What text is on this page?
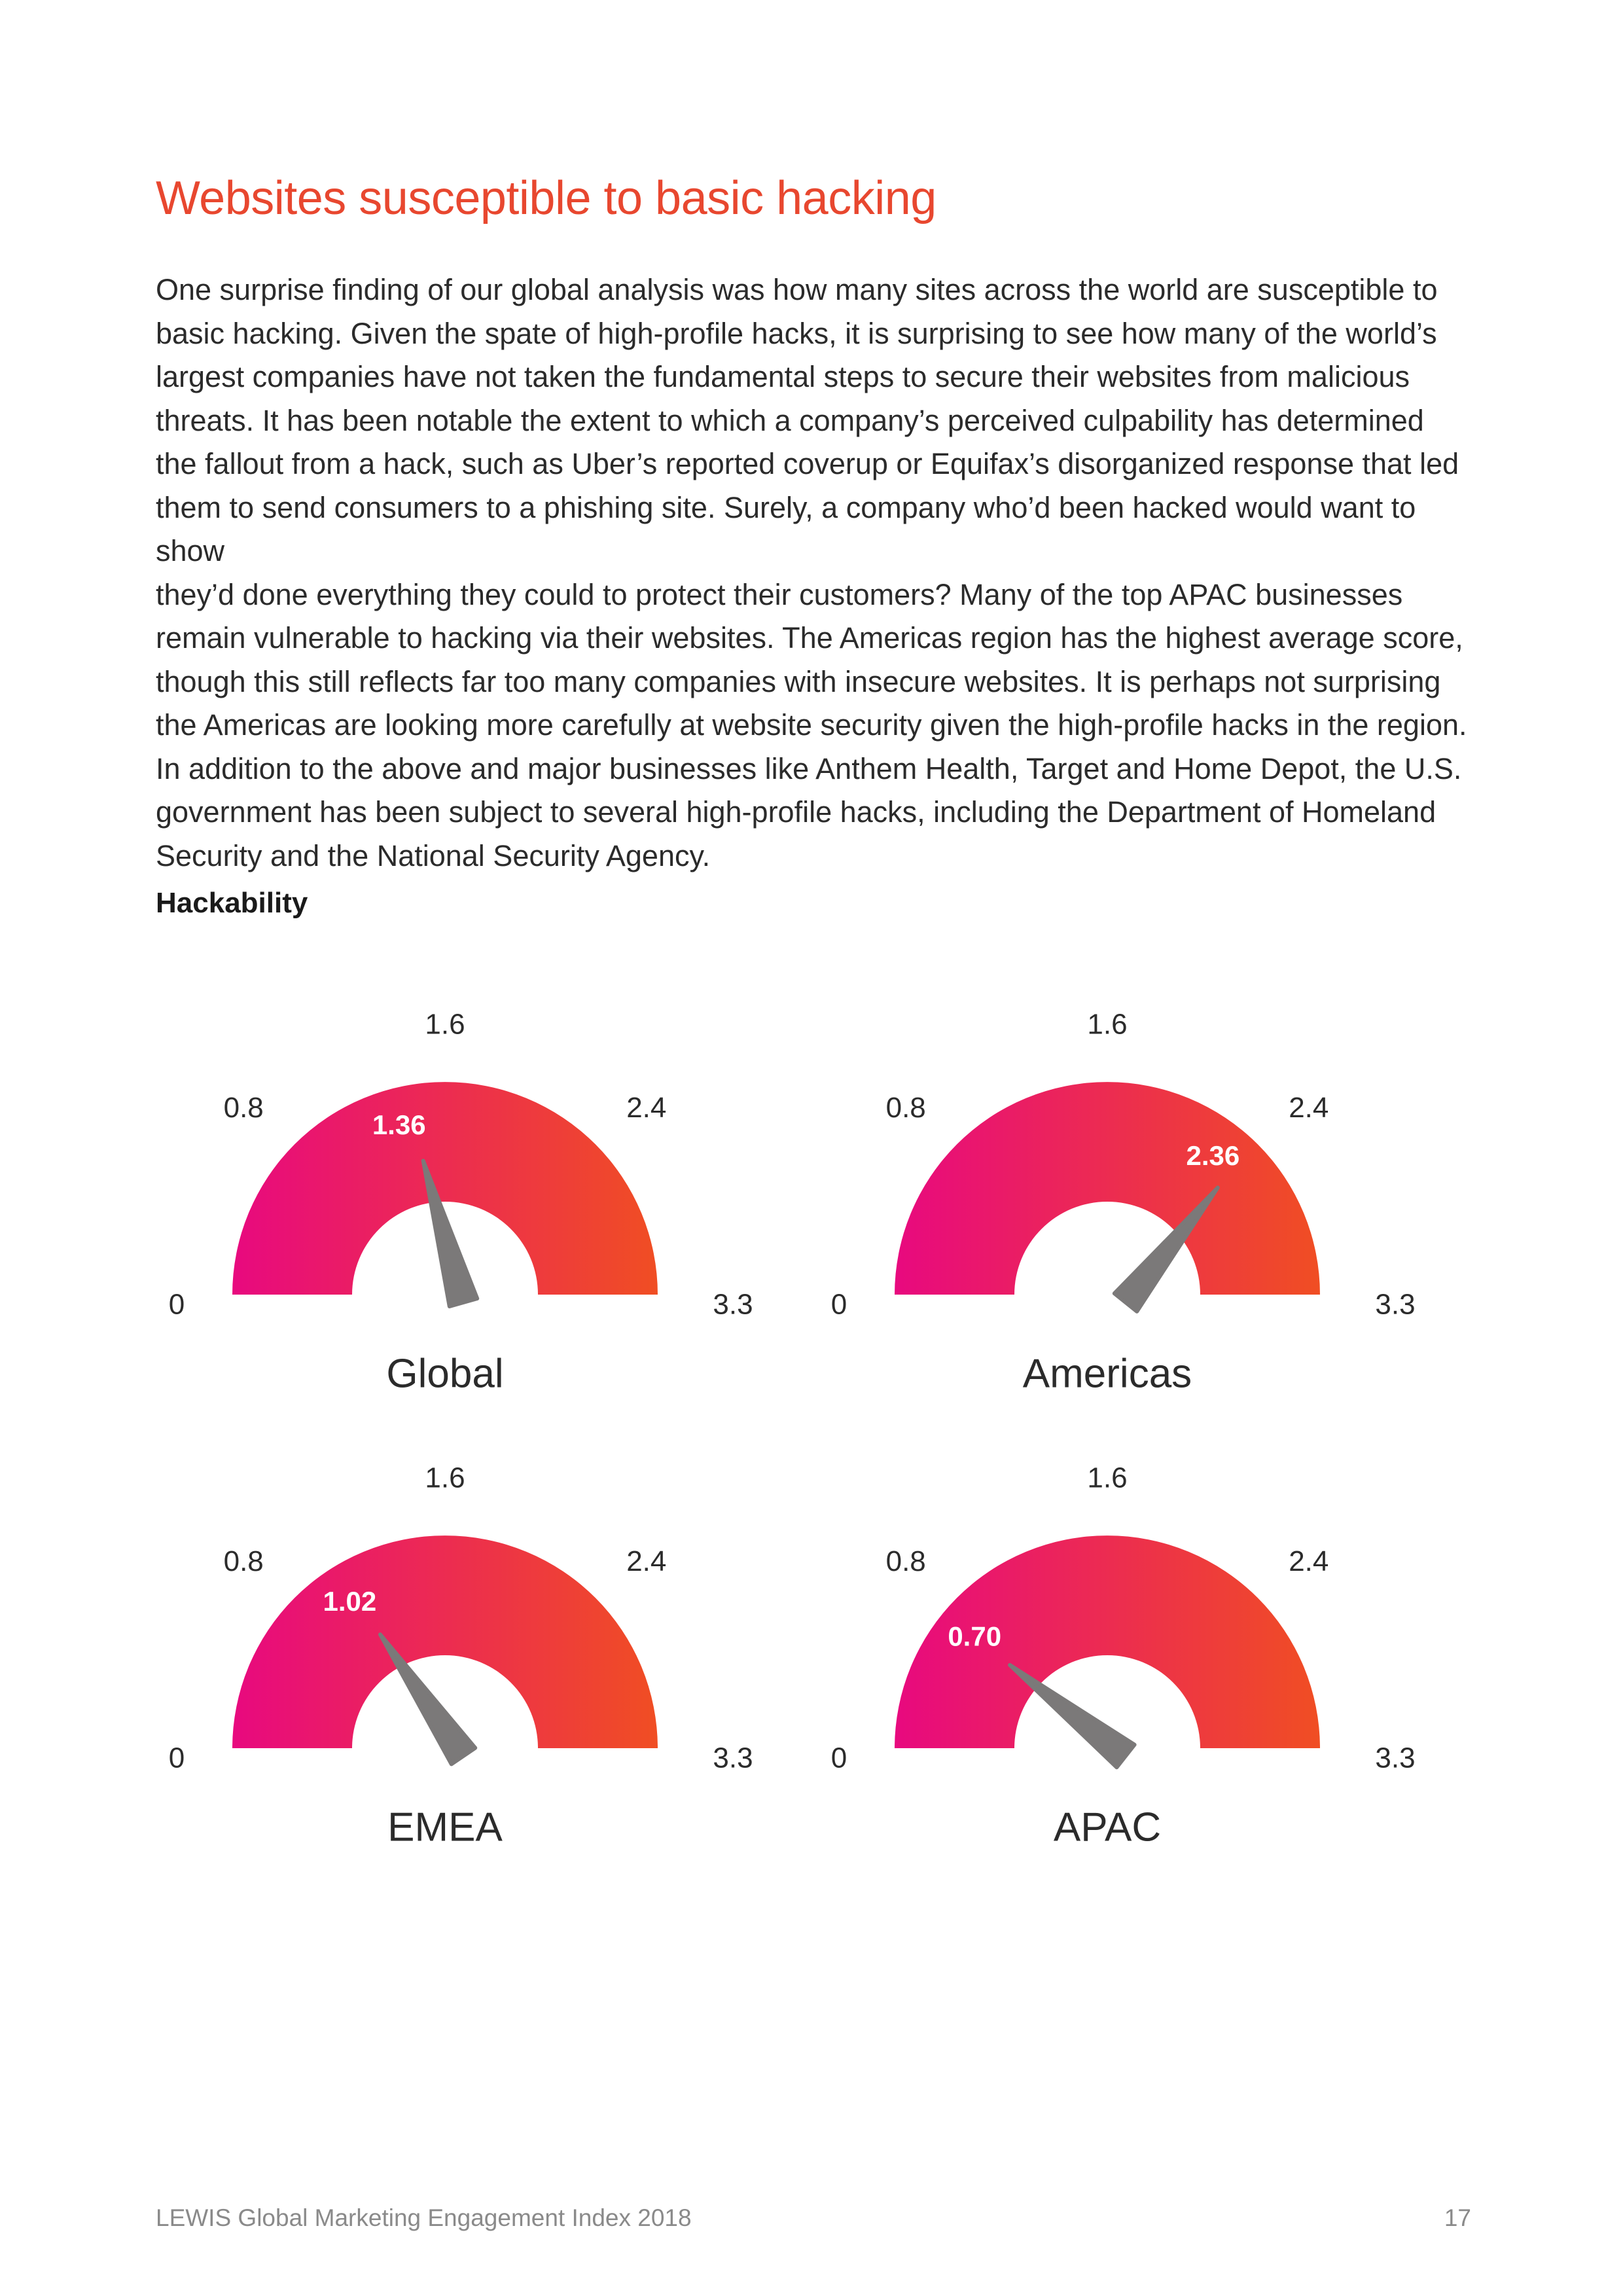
Websites susceptible to basic hacking

One surprise finding of our global analysis was how many sites across the world are susceptible to
basic hacking. Given the spate of high-profile hacks, it is surprising to see how many of the world’s
largest companies have not taken the fundamental steps to secure their websites from malicious
threats. It has been notable the extent to which a company’s perceived culpability has determined
the fallout from a hack, such as Uber’s reported coverup or Equifax’s disorganized response that led
them to send consumers to a phishing site. Surely, a company who’d been hacked would want to show
they’d done everything they could to protect their customers? Many of the top APAC businesses
remain vulnerable to hacking via their websites. The Americas region has the highest average score,
though this still reflects far too many companies with insecure websites. It is perhaps not surprising
the Americas are looking more carefully at website security given the high-profile hacks in the region.
In addition to the above and major businesses like Anthem Health, Target and Home Depot, the U.S.
government has been subject to several high-profile hacks, including the Department of Homeland
Security and the National Security Agency.

Hackability
0
0.8
1.6
2.4
3.3
1.36
Global
0
0.8
1.6
2.4
3.3
2.36
Americas
0
0.8
1.6
2.4
3.3
1.02
EMEA
0
0.8
1.6
2.4
3.3
0.70
APAC
LEWIS Global Marketing Engagement Index 2018	17
